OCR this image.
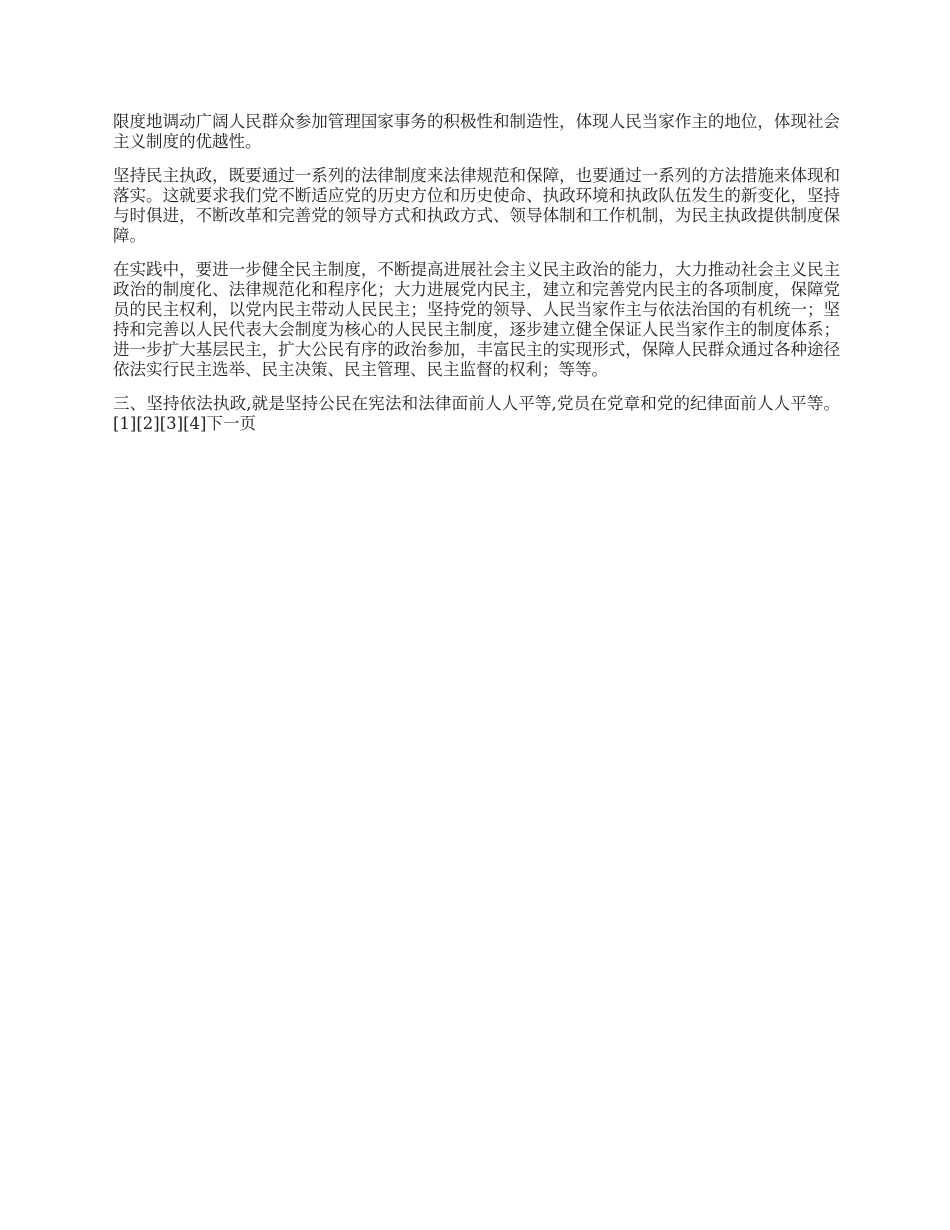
限度地调动广阔人民群众参加管理国家事务的积极性和制造性，体现人民当家作主的地位，体现社会主义制度的优越性。

坚持民主执政，既要通过一系列的法律制度来法律规范和保障，也要通过一系列的方法措施来体现和落实。这就要求我们党不断适应党的历史方位和历史使命、执政环境和执政队伍发生的新变化，坚持与时俱进，不断改革和完善党的领导方式和执政方式、领导体制和工作机制，为民主执政提供制度保障。

在实践中，要进一步健全民主制度，不断提高进展社会主义民主政治的能力，大力推动社会主义民主政治的制度化、法律规范化和程序化；大力进展党内民主，建立和完善党内民主的各项制度，保障党员的民主权利，以党内民主带动人民民主；坚持党的领导、人民当家作主与依法治国的有机统一；坚持和完善以人民代表大会制度为核心的人民民主制度，逐步建立健全保证人民当家作主的制度体系；进一步扩大基层民主，扩大公民有序的政治参加，丰富民主的实现形式，保障人民群众通过各种途径依法实行民主选举、民主决策、民主管理、民主监督的权利；等等。

三、坚持依法执政,就是坚持公民在宪法和法律面前人人平等,党员在党章和党的纪律面前人人平等。[1][2][3][4]下一页
